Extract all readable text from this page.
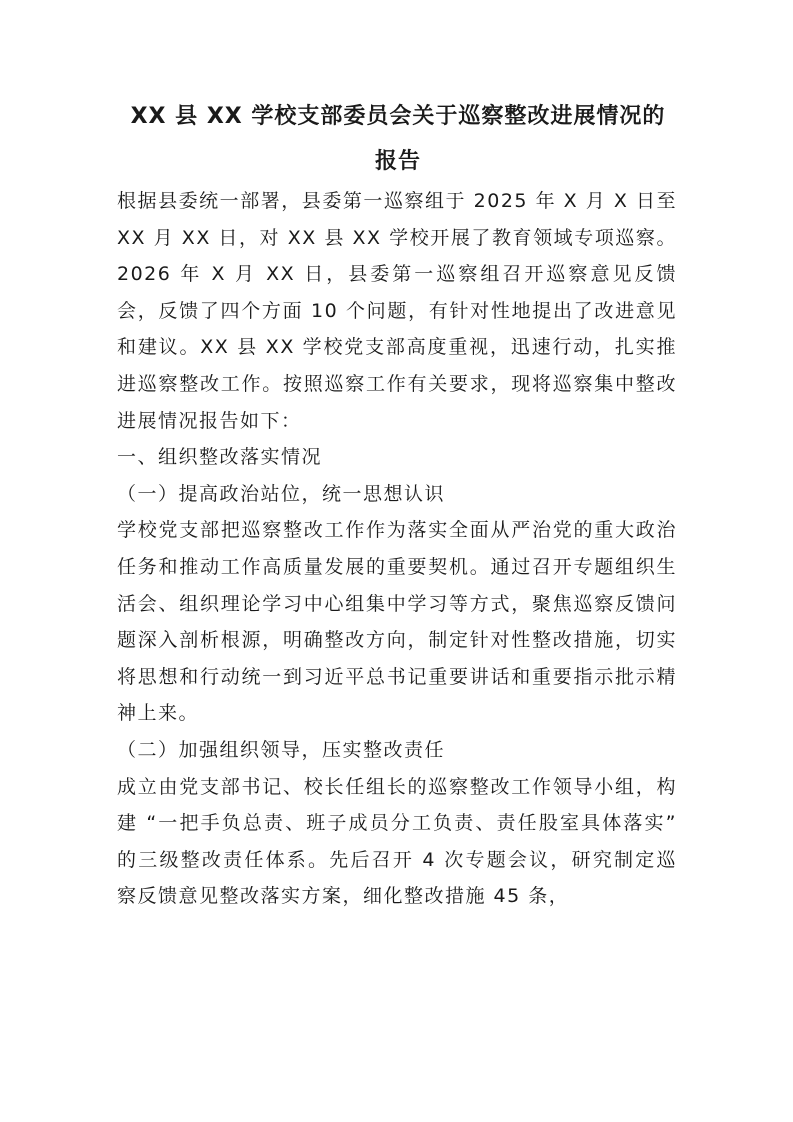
XX 县 XX 学校支部委员会关于巡察整改进展情况的
报告

根据县委统一部署，县委第一巡察组于 2025 年 X 月 X 日至 XX 月 XX 日，对 XX 县 XX 学校开展了教育领域专项巡察。2026 年 X 月 XX 日，县委第一巡察组召开巡察意见反馈会，反馈了四个方面 10 个问题，有针对性地提出了改进意见和建议。XX 县 XX 学校党支部高度重视，迅速行动，扎实推进巡察整改工作。按照巡察工作有关要求，现将巡察集中整改进展情况报告如下：

一、组织整改落实情况

（一）提高政治站位，统一思想认识

学校党支部把巡察整改工作作为落实全面从严治党的重大政治任务和推动工作高质量发展的重要契机。通过召开专题组织生活会、组织理论学习中心组集中学习等方式，聚焦巡察反馈问题深入剖析根源，明确整改方向，制定针对性整改措施，切实将思想和行动统一到习近平总书记重要讲话和重要指示批示精神上来。

（二）加强组织领导，压实整改责任

成立由党支部书记、校长任组长的巡察整改工作领导小组，构建 “一把手负总责、班子成员分工负责、责任股室具体落实” 的三级整改责任体系。先后召开 4 次专题会议，研究制定巡察反馈意见整改落实方案，细化整改措施 45 条，
